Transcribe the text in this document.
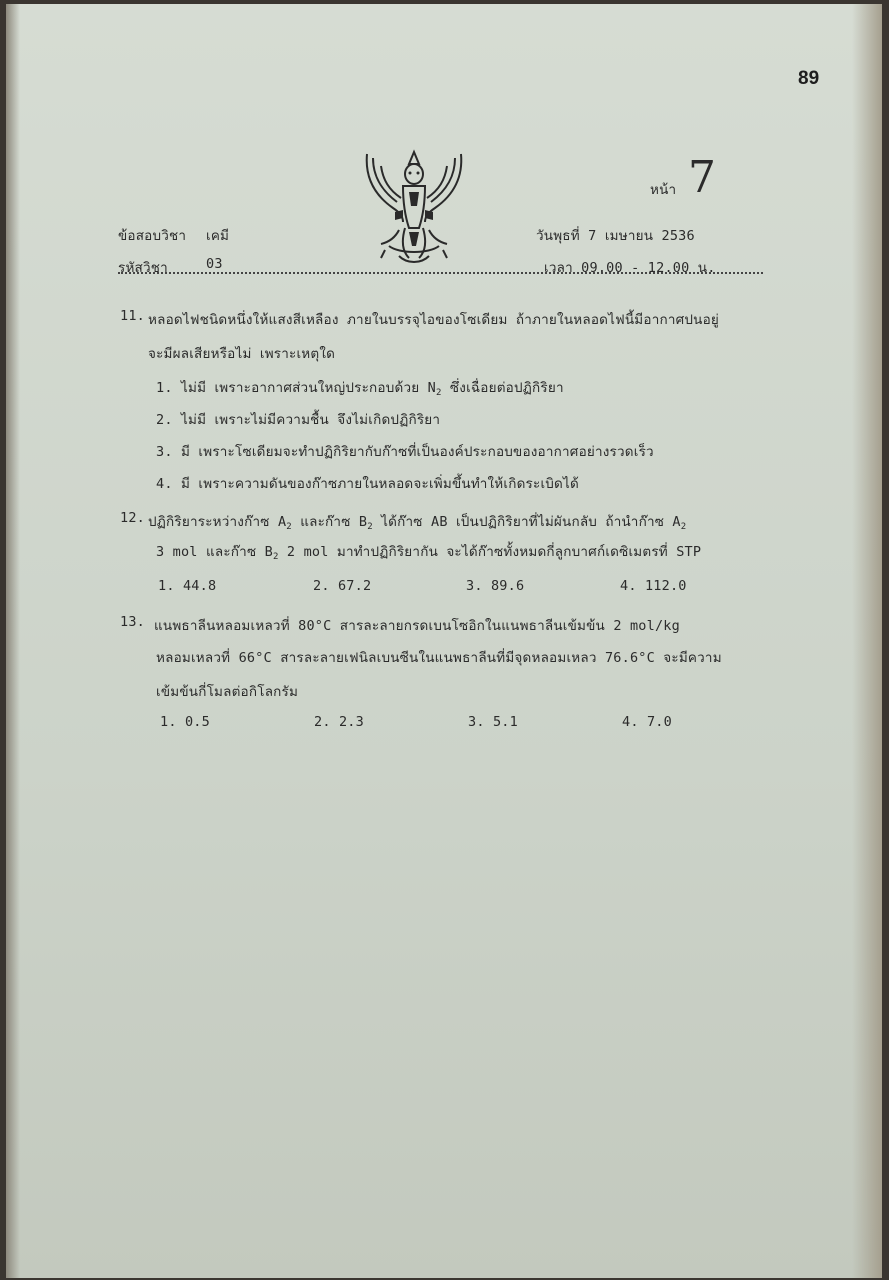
89
หน้า 7
ข้อสอบวิชา เคมี	วันพุธที่ 7 เมษายน 2536
รหัสวิชา	03	เวลา 09.00 - 12.00 น.
11. หลอดไฟชนิดหนึ่งให้แสงสีเหลือง ภายในบรรจุไอของโซเดียม ถ้าภายในหลอดไฟนี้มีอากาศปนอยู่
จะมีผลเสียหรือไม่ เพราะเหตุใด
1. ไม่มี เพราะอากาศส่วนใหญ่ประกอบด้วย $N_2$ ซึ่งเฉื่อยต่อปฏิกิริยา
2. ไม่มี เพราะไม่มีความชื้น จึงไม่เกิดปฏิกิริยา
3. มี เพราะโซเดียมจะทำปฏิกิริยากับก๊าซที่เป็นองค์ประกอบของอากาศอย่างรวดเร็ว
4. มี เพราะความดันของก๊าซภายในหลอดจะเพิ่มขึ้นทำให้เกิดระเบิดได้
12. ปฏิกิริยาระหว่างก๊าซ $A_2$ และก๊าซ $B_2$ ได้ก๊าซ AB เป็นปฏิกิริยาที่ไม่ผันกลับ ถ้านำก๊าซ $A_2$
3 mol และก๊าซ $B_2$ 2 mol มาทำปฏิกิริยากัน จะได้ก๊าซทั้งหมดกี่ลูกบาศก์เดซิเมตรที่ STP
1. 44.8	2. 67.2	3. 89.6	4. 112.0
13. แนพธาลีนหลอมเหลวที่ 80°C สารละลายกรดเบนโซอิกในแนพธาลีนเข้มข้น 2 mol/kg
หลอมเหลวที่ 66°C สารละลายเฟนิลเบนซีนในแนพธาลีนที่มีจุดหลอมเหลว 76.6°C จะมีความ
เข้มข้นกี่โมลต่อกิโลกรัม
1. 0.5	2. 2.3	3. 5.1	4. 7.0
